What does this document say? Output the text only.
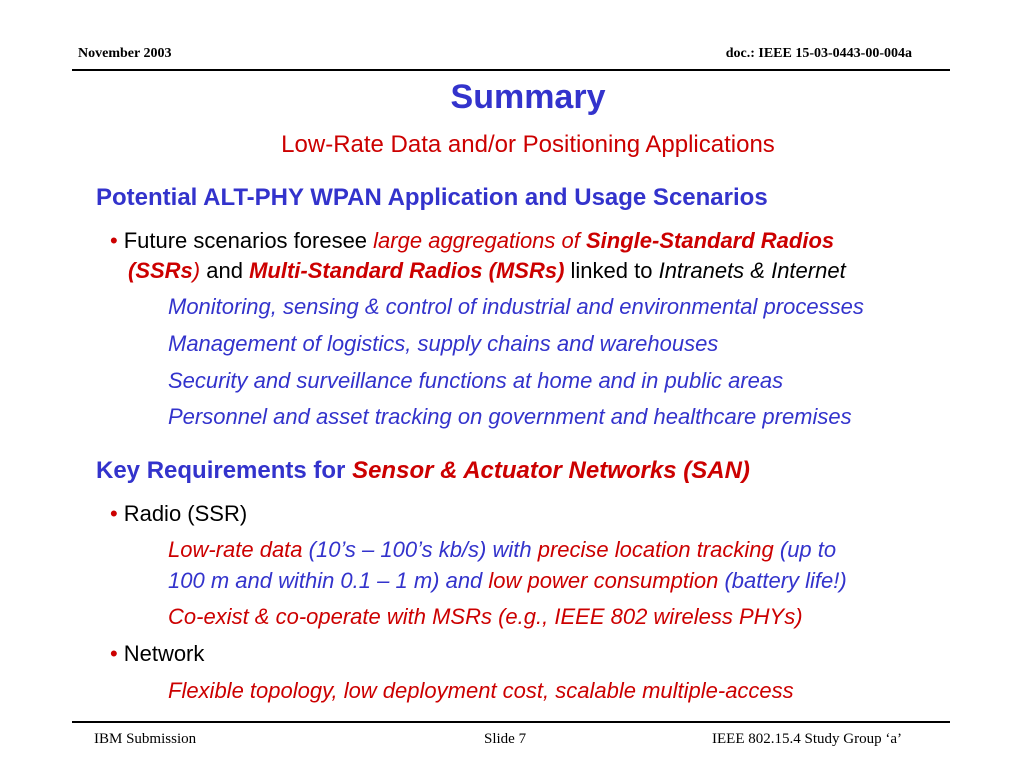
November 2003	doc.: IEEE 15-03-0443-00-004a
Summary
Low-Rate Data and/or Positioning Applications
Potential ALT-PHY WPAN Application and Usage Scenarios
• Future scenarios foresee large aggregations of Single-Standard Radios
(SSRs) and Multi-Standard Radios (MSRs) linked to Intranets & Internet
Monitoring, sensing & control of industrial and environmental processes
Management of logistics, supply chains and warehouses
Security and surveillance functions at home and in public areas
Personnel and asset tracking on government and healthcare premises
Key Requirements for Sensor & Actuator Networks (SAN)
• Radio (SSR)
Low-rate data (10’s – 100’s kb/s) with precise location tracking (up to
100 m and within 0.1 – 1 m) and low power consumption (battery life!)
Co-exist & co-operate with MSRs (e.g., IEEE 802 wireless PHYs)
• Network
Flexible topology, low deployment cost, scalable multiple-access
IBM Submission	Slide 7	IEEE 802.15.4 Study Group ‘a’
